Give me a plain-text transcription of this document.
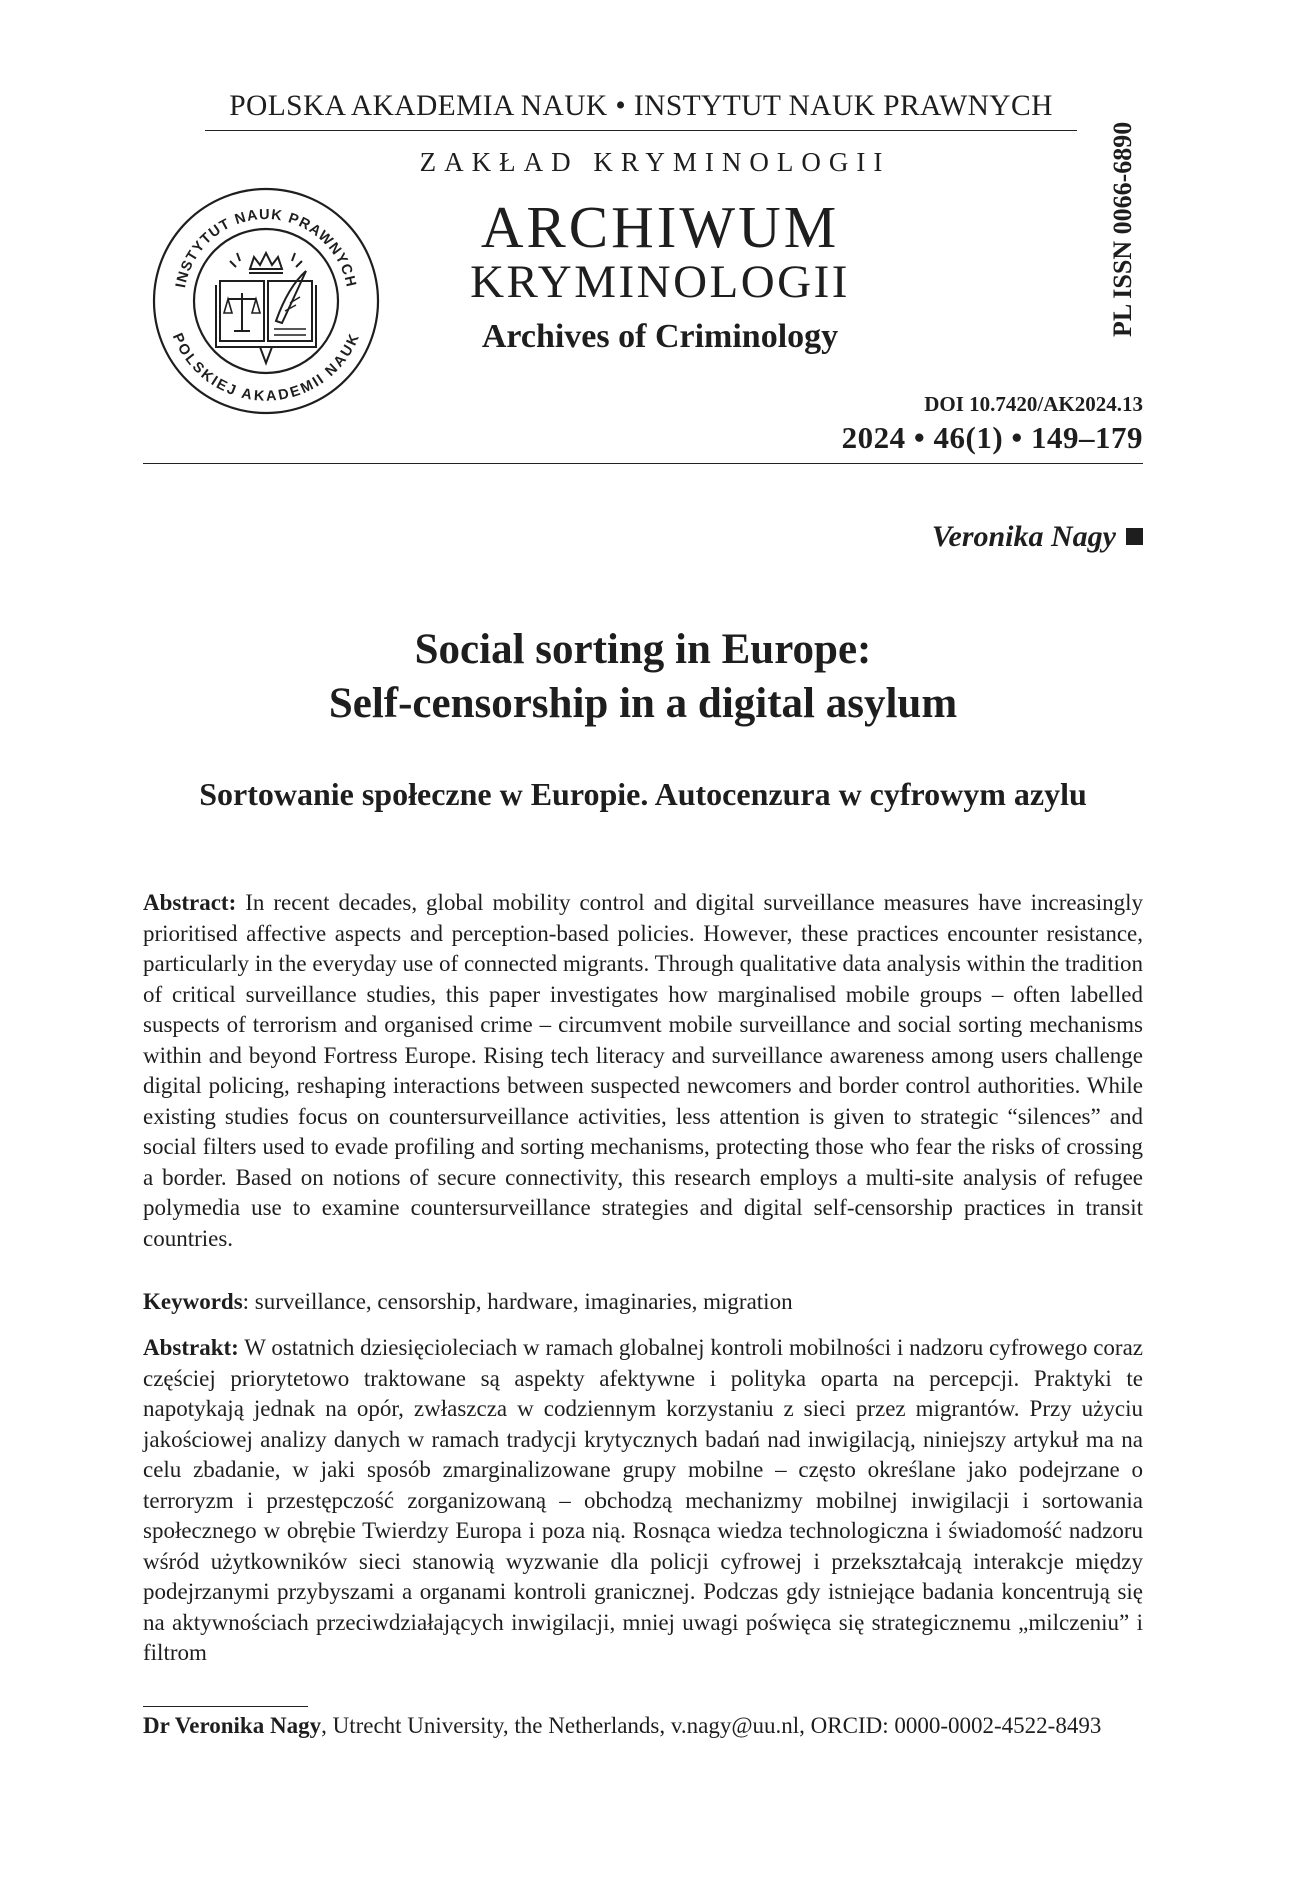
POLSKA AKADEMIA NAUK • INSTYTUT NAUK PRAWNYCH

ZAKŁAD KRYMINOLOGII

INSTYTUT NAUK PRAWNYCH
POLSKIEJ AKADEMII NAUK
ARCHIWUM

KRYMINOLOGII

Archives of Criminology	PL ISSN 0066-6890

DOI 10.7420/AK2024.13

2024 • 46(1) • 149–179

Veronika Nagy

Social sorting in Europe:
Self-censorship in a digital asylum

Sortowanie społeczne w Europie. Autocenzura w cyfrowym azylu

Abstract: In recent decades, global mobility control and digital surveillance measures have increasingly prioritised affective aspects and perception-based policies. However, these practices encounter resistance, particularly in the everyday use of connected migrants. Through qualitative data analysis within the tradition of critical surveillance studies, this paper investigates how marginalised mobile groups – often labelled suspects of terrorism and organised crime – circumvent mobile surveillance and social sorting mechanisms within and beyond Fortress Europe. Rising tech literacy and surveillance awareness among users challenge digital policing, reshaping interactions between suspected newcomers and border control authorities. While existing studies focus on countersurveillance activities, less attention is given to strategic “silences” and social filters used to evade profiling and sorting mechanisms, protecting those who fear the risks of crossing a border. Based on notions of secure connectivity, this research employs a multi-site analysis of refugee polymedia use to examine countersurveillance strategies and digital self-censorship practices in transit countries.

Keywords: surveillance, censorship, hardware, imaginaries, migration

Abstrakt: W ostatnich dziesięcioleciach w ramach globalnej kontroli mobilności i nadzoru cyfrowego coraz częściej priorytetowo traktowane są aspekty afektywne i polityka oparta na percepcji. Praktyki te napotykają jednak na opór, zwłaszcza w codziennym korzystaniu z sieci przez migrantów. Przy użyciu jakościowej analizy danych w ramach tradycji krytycznych badań nad inwigilacją, niniejszy artykuł ma na celu zbadanie, w jaki sposób zmarginalizowane grupy mobilne – często określane jako podejrzane o terroryzm i przestępczość zorganizowaną – obchodzą mechanizmy mobilnej inwigilacji i sortowania społecznego w obrębie Twierdzy Europa i poza nią. Rosnąca wiedza technologiczna i świadomość nadzoru wśród użytkowników sieci stanowią wyzwanie dla policji cyfrowej i przekształcają interakcje między podejrzanymi przybyszami a organami kontroli granicznej. Podczas gdy istniejące badania koncentrują się na aktywnościach przeciwdziałających inwigilacji, mniej uwagi poświęca się strategicznemu „milczeniu” i filtrom

Dr Veronika Nagy, Utrecht University, the Netherlands, v.nagy@uu.nl, ORCID: 0000-0002-4522-8493
